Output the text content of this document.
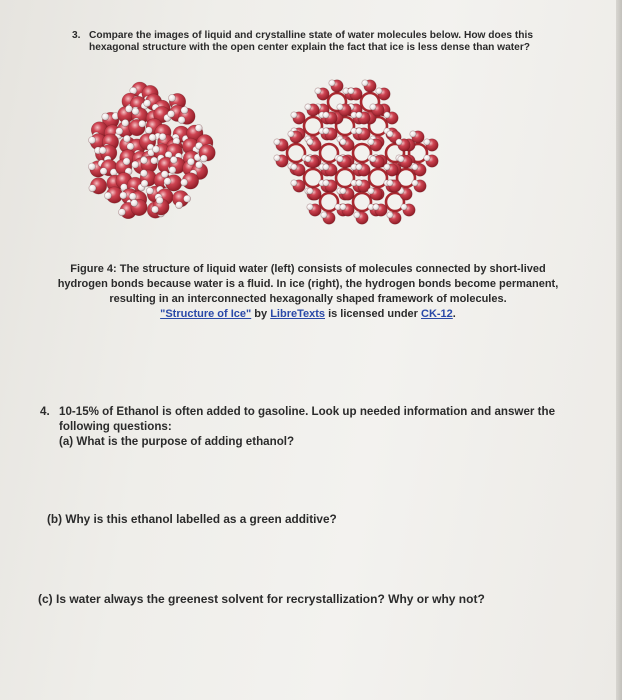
3. Compare the images of liquid and crystalline state of water molecules below. How does this
hexagonal structure with the open center explain the fact that ice is less dense than water?
Figure 4: The structure of liquid water (left) consists of molecules connected by short-lived
hydrogen bonds because water is a fluid. In ice (right), the hydrogen bonds become permanent,
resulting in an interconnected hexagonally shaped framework of molecules.
"Structure of Ice" by LibreTexts is licensed under CK-12.
4. 10-15% of Ethanol is often added to gasoline. Look up needed information and answer the
following questions:
(a) What is the purpose of adding ethanol?
(b) Why is this ethanol labelled as a green additive?
(c) Is water always the greenest solvent for recrystallization? Why or why not?
